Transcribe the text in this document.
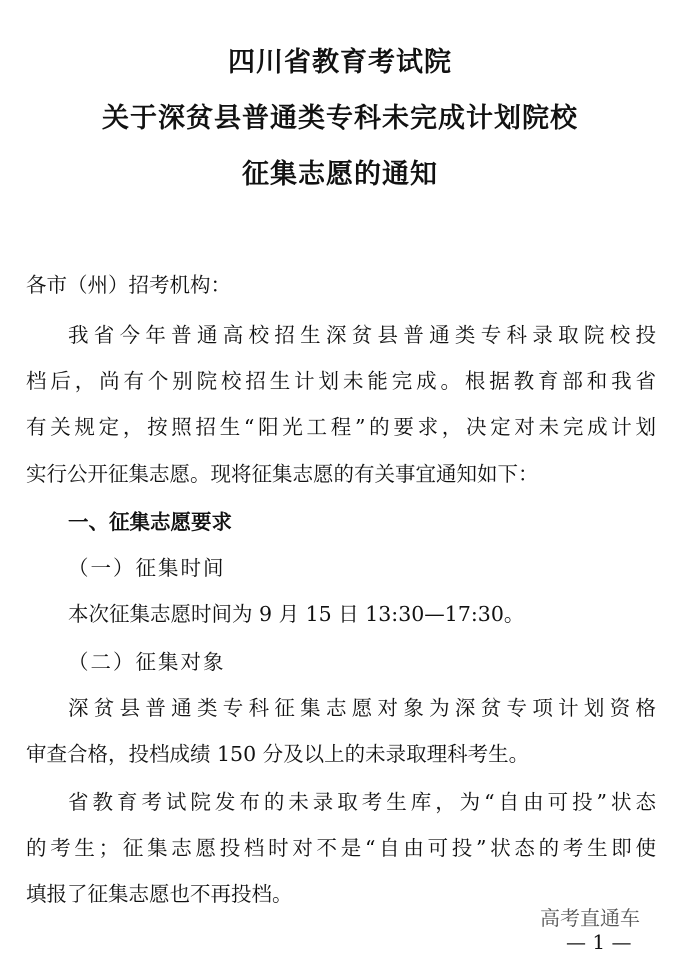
四川省教育考试院
关于深贫县普通类专科未完成计划院校
征集志愿的通知
各市（州）招考机构：
我省今年普通高校招生深贫县普通类专科录取院校投
档后，尚有个别院校招生计划未能完成。根据教育部和我省
有关规定，按照招生“阳光工程”的要求，决定对未完成计划
实行公开征集志愿。现将征集志愿的有关事宜通知如下：
一、征集志愿要求
（一）征集时间
本次征集志愿时间为 9 月 15 日 13:30—17:30。
（二）征集对象
深贫县普通类专科征集志愿对象为深贫专项计划资格
审查合格，投档成绩 150 分及以上的未录取理科考生。
省教育考试院发布的未录取考生库，为“自由可投”状态
的考生；征集志愿投档时对不是“自由可投”状态的考生即使
填报了征集志愿也不再投档。
高考直通车
— 1 —
